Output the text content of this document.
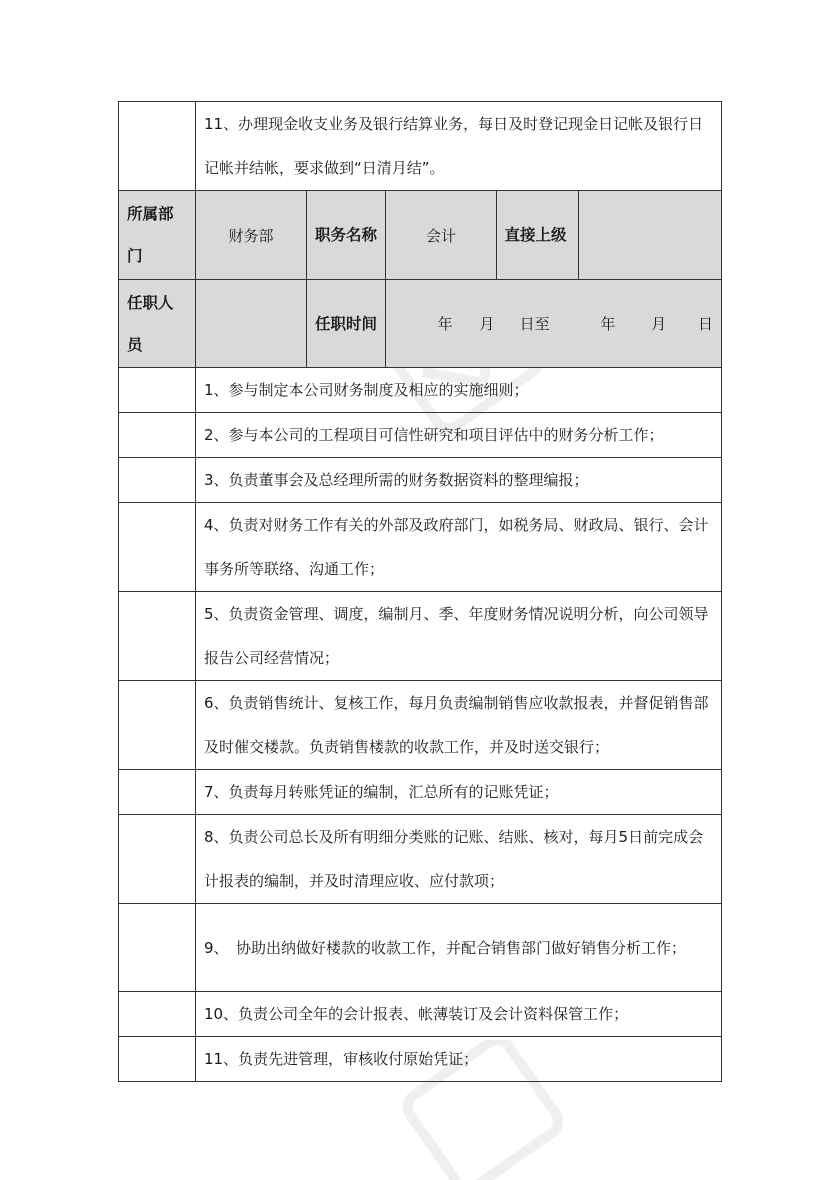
	11、办理现金收支业务及银行结算业务，每日及时登记现金日记帐及银行日记帐并结帐，要求做到“日清月结”。				
所属部门	财务部	职务名称	会计	直接上级	
任职人员		任职时间	年 月 日至 年 月 日		
	1、参与制定本公司财务制度及相应的实施细则；				
	2、参与本公司的工程项目可信性研究和项目评估中的财务分析工作；				
	3、负责董事会及总经理所需的财务数据资料的整理编报；				
	4、负责对财务工作有关的外部及政府部门，如税务局、财政局、银行、会计事务所等联络、沟通工作；				
	5、负责资金管理、调度，编制月、季、年度财务情况说明分析，向公司领导报告公司经营情况；				
	6、负责销售统计、复核工作，每月负责编制销售应收款报表，并督促销售部及时催交楼款。负责销售楼款的收款工作，并及时送交银行；				
	7、负责每月转账凭证的编制，汇总所有的记账凭证；				
	8、负责公司总长及所有明细分类账的记账、结账、核对，每月5日前完成会计报表的编制，并及时清理应收、应付款项；				
	9、　协助出纳做好楼款的收款工作，并配合销售部门做好销售分析工作；				
	10、负责公司全年的会计报表、帐薄装订及会计资料保管工作；				
	11、负责先进管理，审核收付原始凭证；				
